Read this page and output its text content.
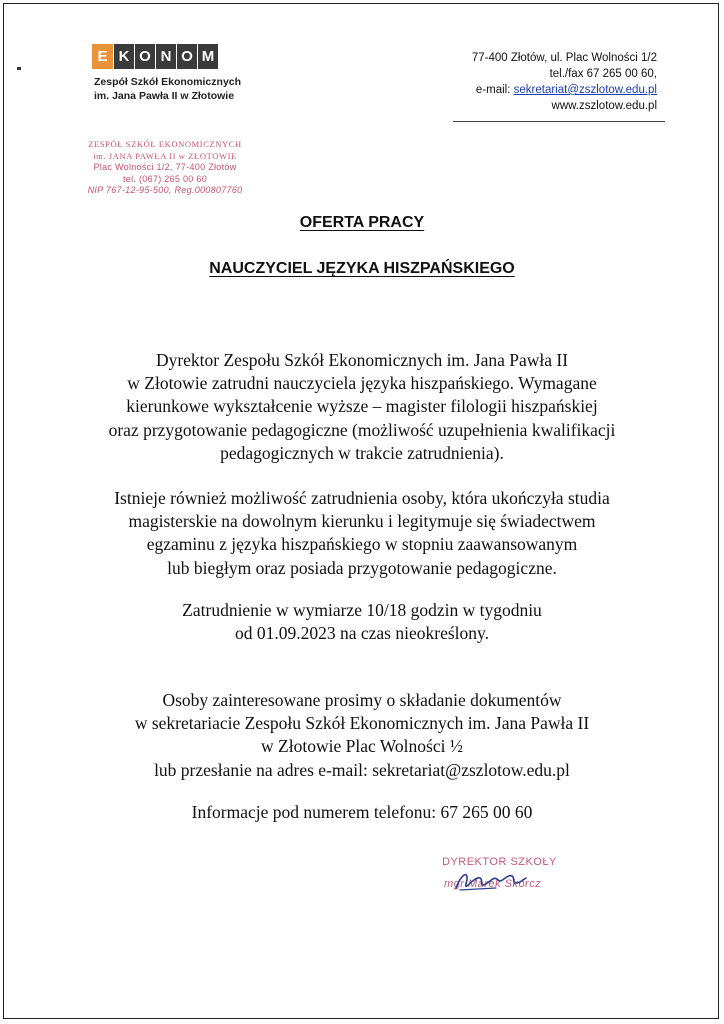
E K O N O M
Zespół Szkół Ekonomicznych
im. Jana Pawła II w Złotowie
77-400 Złotów, ul. Plac Wolności 1/2
tel./fax 67 265 00 60,
e-mail: sekretariat@zszlotow.edu.pl
www.zszlotow.edu.pl
ZESPÓŁ SZKÓŁ EKONOMICZNYCH
im. JANA PAWŁA II w ZŁOTOWIE
Plac Wolności 1/2, 77-400 Złotów
tel. (067) 265 00 60
NIP 767-12-95-500, Reg.000807760
OFERTA PRACY
NAUCZYCIEL JĘZYKA HISZPAŃSKIEGO
Dyrektor Zespołu Szkół Ekonomicznych im. Jana Pawła II
w Złotowie zatrudni nauczyciela języka hiszpańskiego. Wymagane
kierunkowe wykształcenie wyższe – magister filologii hiszpańskiej
oraz przygotowanie pedagogiczne (możliwość uzupełnienia kwalifikacji
pedagogicznych w trakcie zatrudnienia).
Istnieje również możliwość zatrudnienia osoby, która ukończyła studia
magisterskie na dowolnym kierunku i legitymuje się świadectwem
egzaminu z języka hiszpańskiego w stopniu zaawansowanym
lub biegłym oraz posiada przygotowanie pedagogiczne.
Zatrudnienie w wymiarze 10/18 godzin w tygodniu
od 01.09.2023 na czas nieokreślony.
Osoby zainteresowane prosimy o składanie dokumentów
w sekretariacie Zespołu Szkół Ekonomicznych im. Jana Pawła II
w Złotowie Plac Wolności ½
lub przesłanie na adres e-mail: sekretariat@zszlotow.edu.pl
Informacje pod numerem telefonu: 67 265 00 60
DYREKTOR SZKOŁY
mgr Marek Skórcz
